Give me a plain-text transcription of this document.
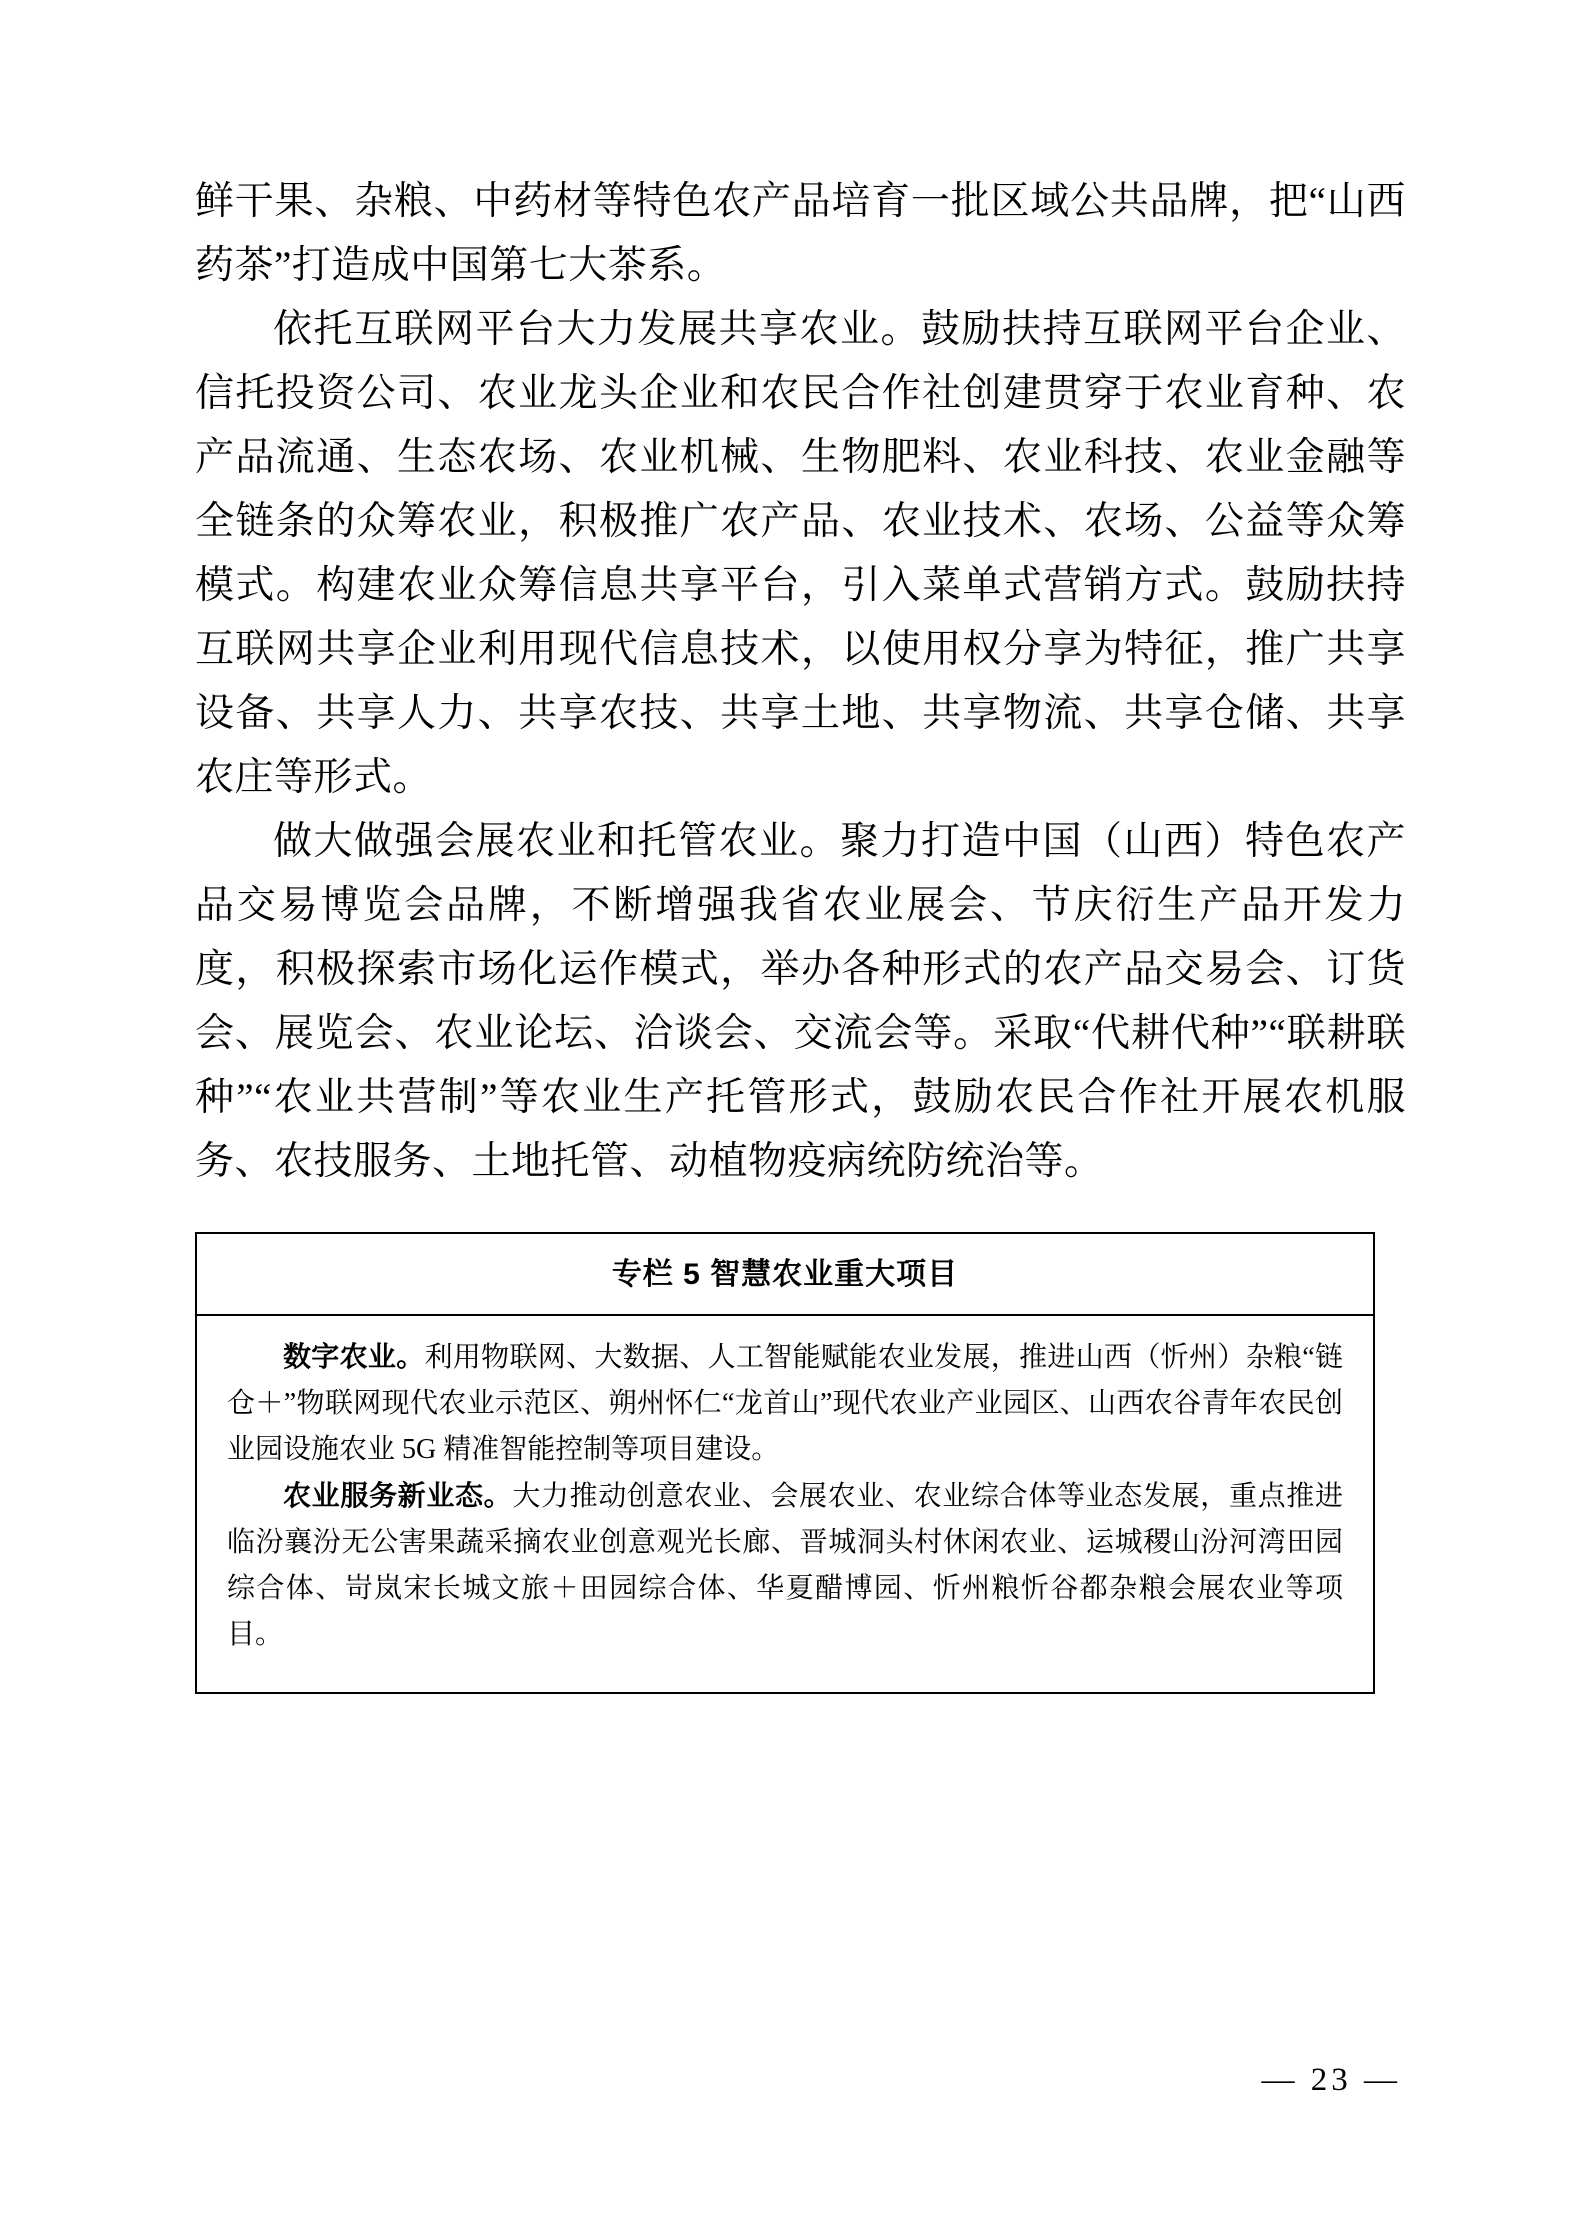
鲜干果、杂粮、中药材等特色农产品培育一批区域公共品牌，把“山西药茶”打造成中国第七大茶系。

依托互联网平台大力发展共享农业。鼓励扶持互联网平台企业、信托投资公司、农业龙头企业和农民合作社创建贯穿于农业育种、农产品流通、生态农场、农业机械、生物肥料、农业科技、农业金融等全链条的众筹农业，积极推广农产品、农业技术、农场、公益等众筹模式。构建农业众筹信息共享平台，引入菜单式营销方式。鼓励扶持互联网共享企业利用现代信息技术，以使用权分享为特征，推广共享设备、共享人力、共享农技、共享土地、共享物流、共享仓储、共享农庄等形式。

做大做强会展农业和托管农业。聚力打造中国（山西）特色农产品交易博览会品牌，不断增强我省农业展会、节庆衍生产品开发力度，积极探索市场化运作模式，举办各种形式的农产品交易会、订货会、展览会、农业论坛、洽谈会、交流会等。采取“代耕代种”“联耕联种”“农业共营制”等农业生产托管形式，鼓励农民合作社开展农机服务、农技服务、土地托管、动植物疫病统防统治等。

专栏 5 智慧农业重大项目

数字农业。利用物联网、大数据、人工智能赋能农业发展，推进山西（忻州）杂粮“链仓＋”物联网现代农业示范区、朔州怀仁“龙首山”现代农业产业园区、山西农谷青年农民创业园设施农业 5G 精准智能控制等项目建设。

农业服务新业态。大力推动创意农业、会展农业、农业综合体等业态发展，重点推进临汾襄汾无公害果蔬采摘农业创意观光长廊、晋城洞头村休闲农业、运城稷山汾河湾田园综合体、岢岚宋长城文旅＋田园综合体、华夏醋博园、忻州粮忻谷都杂粮会展农业等项目。

— 23 —
